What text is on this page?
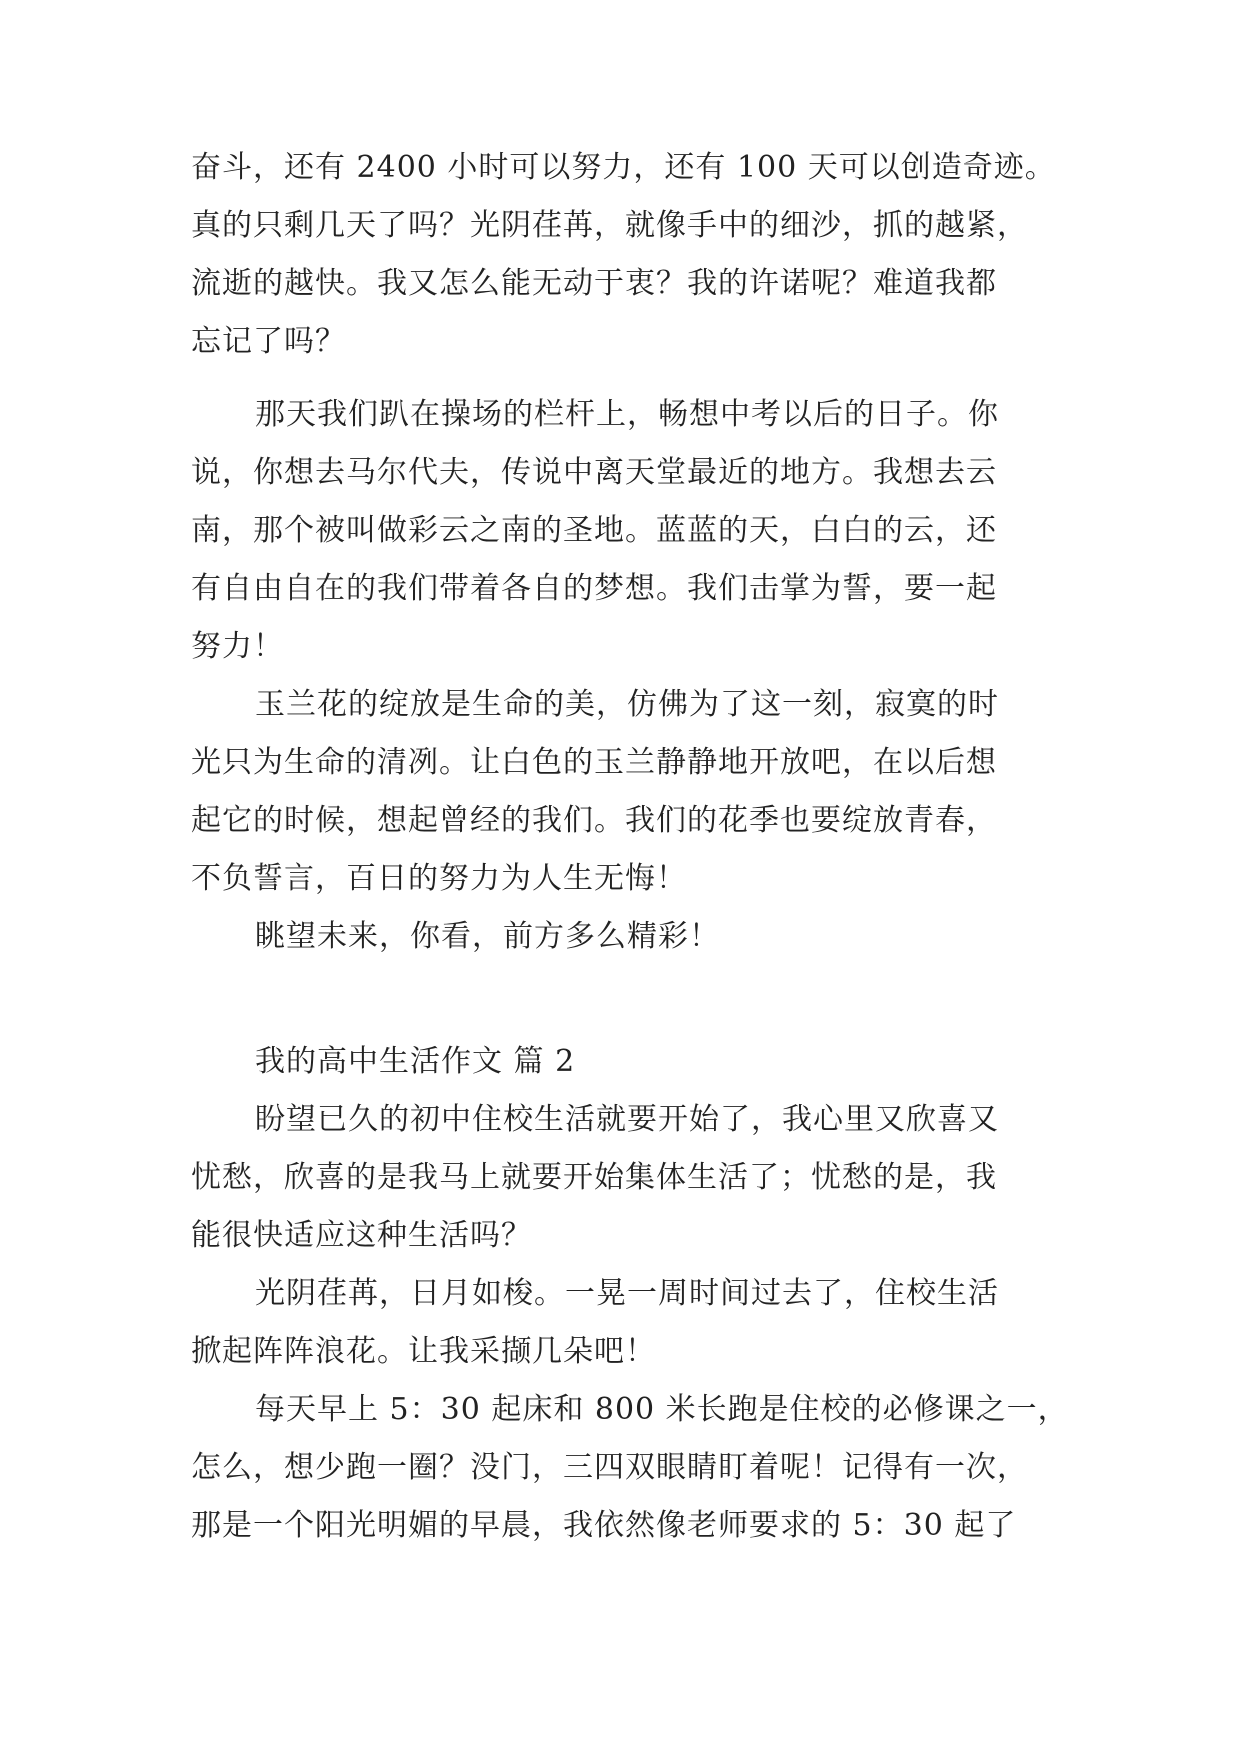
奋斗，还有 2400 小时可以努力，还有 100 天可以创造奇迹。
真的只剩几天了吗？光阴荏苒，就像手中的细沙，抓的越紧，
流逝的越快。我又怎么能无动于衷？我的许诺呢？难道我都
忘记了吗？
那天我们趴在操场的栏杆上，畅想中考以后的日子。你
说，你想去马尔代夫，传说中离天堂最近的地方。我想去云
南，那个被叫做彩云之南的圣地。蓝蓝的天，白白的云，还
有自由自在的我们带着各自的梦想。我们击掌为誓，要一起
努力！
玉兰花的绽放是生命的美，仿佛为了这一刻，寂寞的时
光只为生命的清冽。让白色的玉兰静静地开放吧，在以后想
起它的时候，想起曾经的我们。我们的花季也要绽放青春，
不负誓言，百日的努力为人生无悔！
眺望未来，你看，前方多么精彩！
我的高中生活作文 篇 2
盼望已久的初中住校生活就要开始了，我心里又欣喜又
忧愁，欣喜的是我马上就要开始集体生活了；忧愁的是，我
能很快适应这种生活吗？
光阴荏苒，日月如梭。一晃一周时间过去了，住校生活
掀起阵阵浪花。让我采撷几朵吧！
每天早上 5：30 起床和 800 米长跑是住校的必修课之一，
怎么，想少跑一圈？没门，三四双眼睛盯着呢！记得有一次，
那是一个阳光明媚的早晨，我依然像老师要求的 5：30 起了
